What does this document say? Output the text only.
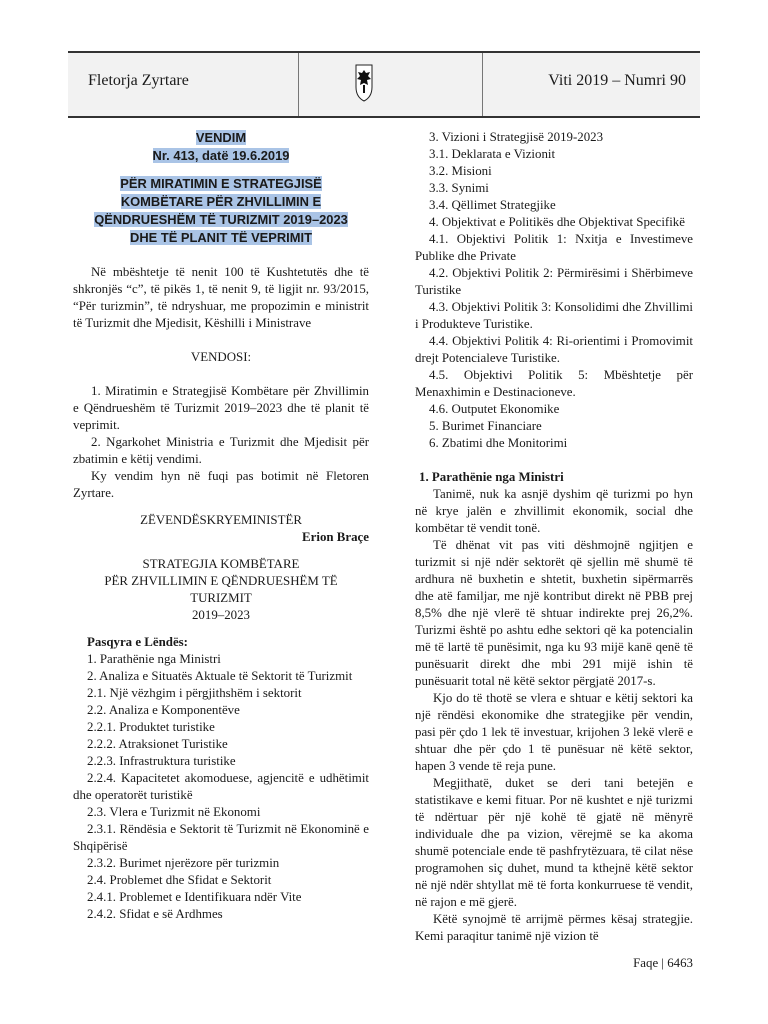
Fletorja Zyrtare	Viti 2019 – Numri 90

VENDIM

Nr. 413, datë 19.6.2019

PËR MIRATIMIN E STRATEGJISË KOMBËTARE PËR ZHVILLIMIN E QËNDRUESHËM TË TURIZMIT 2019–2023 DHE TË PLANIT TË VEPRIMIT

Në mbështetje të nenit 100 të Kushtetutës dhe të shkronjës “c”, të pikës 1, të nenit 9, të ligjit nr. 93/2015, “Për turizmin”, të ndryshuar, me propozimin e ministrit të Turizmit dhe Mjedisit, Këshilli i Ministrave

VENDOSI:

1. Miratimin e Strategjisë Kombëtare për Zhvillimin e Qëndrueshëm të Turizmit 2019–2023 dhe të planit të veprimit.

2. Ngarkohet Ministria e Turizmit dhe Mjedisit për zbatimin e këtij vendimi.

Ky vendim hyn në fuqi pas botimit në Fletoren Zyrtare.

ZËVENDËSKRYEMINISTËR

Erion Braçe

STRATEGJIA KOMBËTARE

PËR ZHVILLIMIN E QËNDRUESHËM TË TURIZMIT

2019–2023

Pasqyra e Lëndës:

1. Parathënie nga Ministri

2. Analiza e Situatës Aktuale të Sektorit të Turizmit

2.1. Një vëzhgim i përgjithshëm i sektorit

2.2. Analiza e Komponentëve

2.2.1. Produktet turistike

2.2.2. Atraksionet Turistike

2.2.3. Infrastruktura turistike

2.2.4. Kapacitetet akomoduese, agjencitë e udhëtimit dhe operatorët turistikë

2.3. Vlera e Turizmit në Ekonomi

2.3.1. Rëndësia e Sektorit të Turizmit në Ekonominë e Shqipërisë

2.3.2. Burimet njerëzore për turizmin

2.4. Problemet dhe Sfidat e Sektorit

2.4.1. Problemet e Identifikuara ndër Vite

2.4.2. Sfidat e së Ardhmes

3. Vizioni i Strategjisë 2019-2023

3.1. Deklarata e Vizionit

3.2. Misioni

3.3. Synimi

3.4. Qëllimet Strategjike

4. Objektivat e Politikës dhe Objektivat Specifikë

4.1. Objektivi Politik 1: Nxitja e Investimeve Publike dhe Private

4.2. Objektivi Politik 2: Përmirësimi i Shërbimeve Turistike

4.3. Objektivi Politik 3: Konsolidimi dhe Zhvillimi i Produkteve Turistike.

4.4. Objektivi Politik 4: Ri-orientimi i Promovimit drejt Potencialeve Turistike.

4.5. Objektivi Politik 5: Mbështetje për Menaxhimin e Destinacioneve.

4.6. Outputet Ekonomike

5. Burimet Financiare

6. Zbatimi dhe Monitorimi

1. Parathënie nga Ministri

Tanimë, nuk ka asnjë dyshim që turizmi po hyn në krye jalën e zhvillimit ekonomik, social dhe kombëtar të vendit tonë.

Të dhënat vit pas viti dëshmojnë ngjitjen e turizmit si një ndër sektorët që sjellin më shumë të ardhura në buxhetin e shtetit, buxhetin sipërmarrës dhe atë familjar, me një kontribut direkt në PBB prej 8,5% dhe një vlerë të shtuar indirekte prej 26,2%. Turizmi është po ashtu edhe sektori që ka potencialin më të lartë të punësimit, nga ku 93 mijë kanë qenë të punësuarit direkt dhe mbi 291 mijë ishin të punësuarit total në këtë sektor përgjatë 2017-s.

Kjo do të thotë se vlera e shtuar e këtij sektori ka një rëndësi ekonomike dhe strategjike për vendin, pasi për çdo 1 lek të investuar, krijohen 3 lekë vlerë e shtuar dhe për çdo 1 të punësuar në këtë sektor, hapen 3 vende të reja pune.

Megjithatë, duket se deri tani betejën e statistikave e kemi fituar. Por në kushtet e një turizmi të ndërtuar për një kohë të gjatë në mënyrë individuale dhe pa vizion, vërejmë se ka akoma shumë potenciale ende të pashfrytëzuara, të cilat nëse programohen siç duhet, mund ta kthejnë këtë sektor në një ndër shtyllat më të forta konkurruese të vendit, në rajon e më gjerë.

Këtë synojmë të arrijmë përmes kësaj strategjie. Kemi paraqitur tanimë një vizion të

Faqe | 6463
